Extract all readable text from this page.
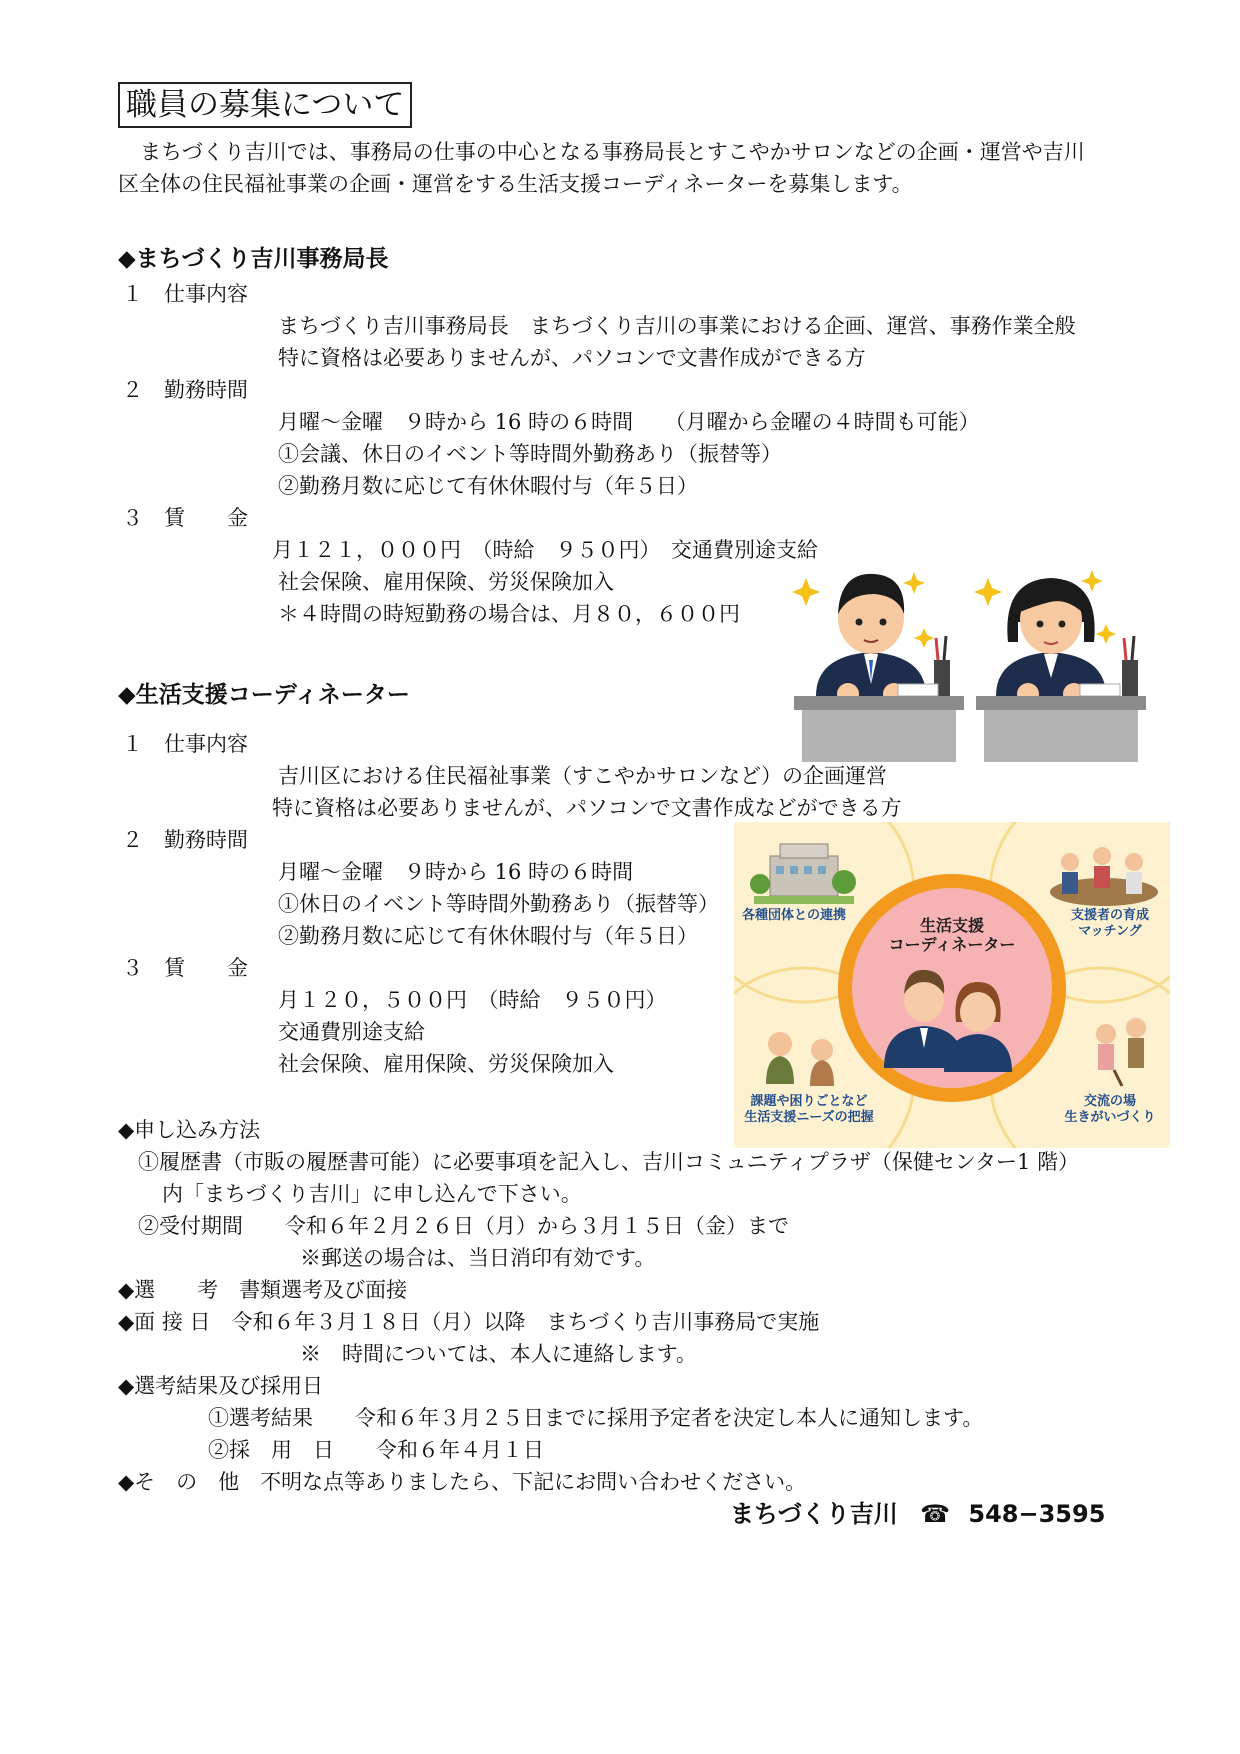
職員の募集について
まちづくり吉川では、事務局の仕事の中心となる事務局長とすこやかサロンなどの企画・運営や吉川
区全体の住民福祉事業の企画・運営をする生活支援コーディネーターを募集します。
◆まちづくり吉川事務局長
１　仕事内容
まちづくり吉川事務局長　まちづくり吉川の事業における企画、運営、事務作業全般
特に資格は必要ありませんが、パソコンで文書作成ができる方
２　勤務時間
月曜～金曜　９時から 16 時の６時間　　（月曜から金曜の４時間も可能）
①会議、休日のイベント等時間外勤務あり（振替等）
②勤務月数に応じて有休休暇付与（年５日）
３　賃　　金
月１２１，０００円　（時給　９５０円）　交通費別途支給
社会保険、雇用保険、労災保険加入
＊４時間の時短勤務の場合は、月８０，６００円
◆生活支援コーディネーター
１　仕事内容
吉川区における住民福祉事業（すこやかサロンなど）の企画運営
特に資格は必要ありませんが、パソコンで文書作成などができる方
２　勤務時間
月曜～金曜　９時から 16 時の６時間
①休日のイベント等時間外勤務あり（振替等）
②勤務月数に応じて有休休暇付与（年５日）
３　賃　　金
月１２０，５００円　（時給　９５０円）
交通費別途支給
社会保険、雇用保険、労災保険加入
各種団体との連携	支援者の育成
マッチング
生活支援
コーディネーター
課題や困りごとなど
生活支援ニーズの把握
交流の場
生きがいづくり
◆申し込み方法
①履歴書（市販の履歴書可能）に必要事項を記入し、吉川コミュニティプラザ（保健センター1 階）
内「まちづくり吉川」に申し込んで下さい。
②受付期間　　令和６年２月２６日（月）から３月１５日（金）まで
※郵送の場合は、当日消印有効です。
◆選　　考　書類選考及び面接
◆面 接 日　令和６年３月１８日（月）以降　まちづくり吉川事務局で実施
※　時間については、本人に連絡します。
◆選考結果及び採用日
①選考結果　　令和６年３月２５日までに採用予定者を決定し本人に通知します。
②採　用　日　　令和６年４月１日
◆そ　の　他　不明な点等ありましたら、下記にお問い合わせください。
まちづくり吉川 ☎ 548−3595
